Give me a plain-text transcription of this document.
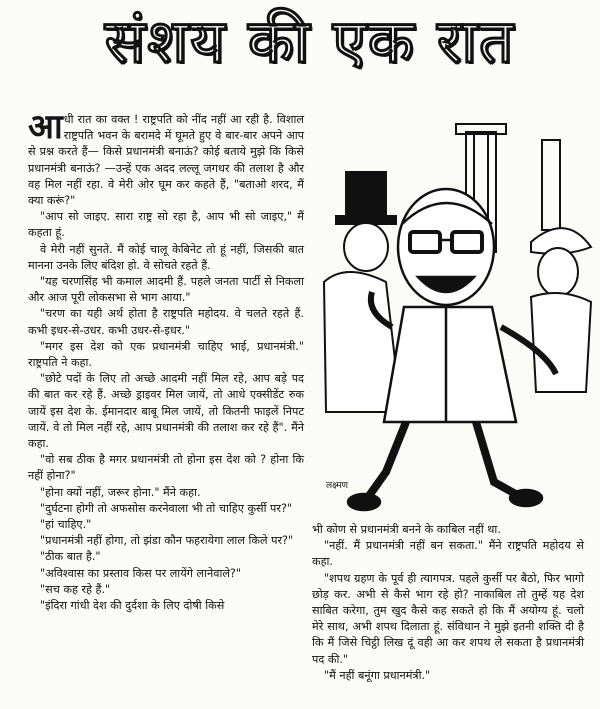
संशय की एक रात
लक्ष्मण

आ धी रात का वक्त ! राष्ट्रपति को नींद नहीं आ रही है. विशाल राष्ट्रपति भवन के बरामदे में घूमते हुए वे बार-बार अपने आप से प्रश्न करते हैं— किसे प्रधानमंत्री बनाऊं? कोई बताये मुझे कि किसे प्रधानमंत्री बनाऊं? —उन्हें एक अदद लल्लू जगधर की तलाश है और वह मिल नहीं रहा. वे मेरी ओर घूम कर कहते हैं, "बताओ शरद, मैं क्या करूं?"

"आप सो जाइए. सारा राष्ट्र सो रहा है, आप भी सो जाइए," मैं कहता हूं.

वे मेरी नहीं सुनते. मैं कोई चालू केबिनेट तो हूं नहीं, जिसकी बात मानना उनके लिए बंदिश हो. वे सोचते रहते हैं.

"यह चरणसिंह भी कमाल आदमी हैं. पहले जनता पार्टी से निकला और आज पूरी लोकसभा से भाग आया."

"चरण का यही अर्थ होता है राष्ट्रपति महोदय. वे चलते रहते हैं. कभी इधर-से-उधर. कभी उधर-से-इधर."

"मगर इस देश को एक प्रधानमंत्री चाहिए भाई, प्रधानमंत्री." राष्ट्रपति ने कहा.

"छोटे पदों के लिए तो अच्छे आदमी नहीं मिल रहे, आप बड़े पद की बात कर रहे हैं. अच्छे ड्राइवर मिल जायें, तो आधे एक्सीडेंट रुक जायें इस देश के. ईमानदार बाबू मिल जायें, तो कितनी फाइलें निपट जायें. वे तो मिल नहीं रहे, आप प्रधानमंत्री की तलाश कर रहे हैं". मैंने कहा.

"वो सब ठीक है मगर प्रधानमंत्री तो होना इस देश को ? होना कि नहीं होना?"

"होना क्यों नहीं, जरूर होना." मैंने कहा.

"दुर्घटना होगी तो अफसोस करनेवाला भी तो चाहिए कुर्सी पर?"

"हां चाहिए."

"प्रधानमंत्री नहीं होगा, तो झंडा कौन फहरायेगा लाल किले पर?"

"ठीक बात है."

"अविश्वास का प्रस्ताव किस पर लायेंगे लानेवाले?"

"सच कह रहे हैं."

"इंदिरा गांधी देश की दुर्दशा के लिए दोषी किसे

भी कोण से प्रधानमंत्री बनने के काबिल नहीं था.

"नहीं. मैं प्रधानमंत्री नहीं बन सकता." मैंने राष्ट्रपति महोदय से कहा.

"शपथ ग्रहण के पूर्व ही त्यागपत्र. पहले कुर्सी पर बैठो, फिर भागो छोड़ कर. अभी से कैसे भाग रहे हो? नाकाबिल तो तुम्हें यह देश साबित करेगा, तुम खुद कैसे कह सकते हो कि मैं अयोग्य हूं. चलो मेरे साथ, अभी शपथ दिलाता हूं. संविधान ने मुझे इतनी शक्ति दी है कि मैं जिसे चिट्ठी लिख दूं वही आ कर शपथ ले सकता है प्रधानमंत्री पद की."

"मैं नहीं बनूंगा प्रधानमंत्री."
